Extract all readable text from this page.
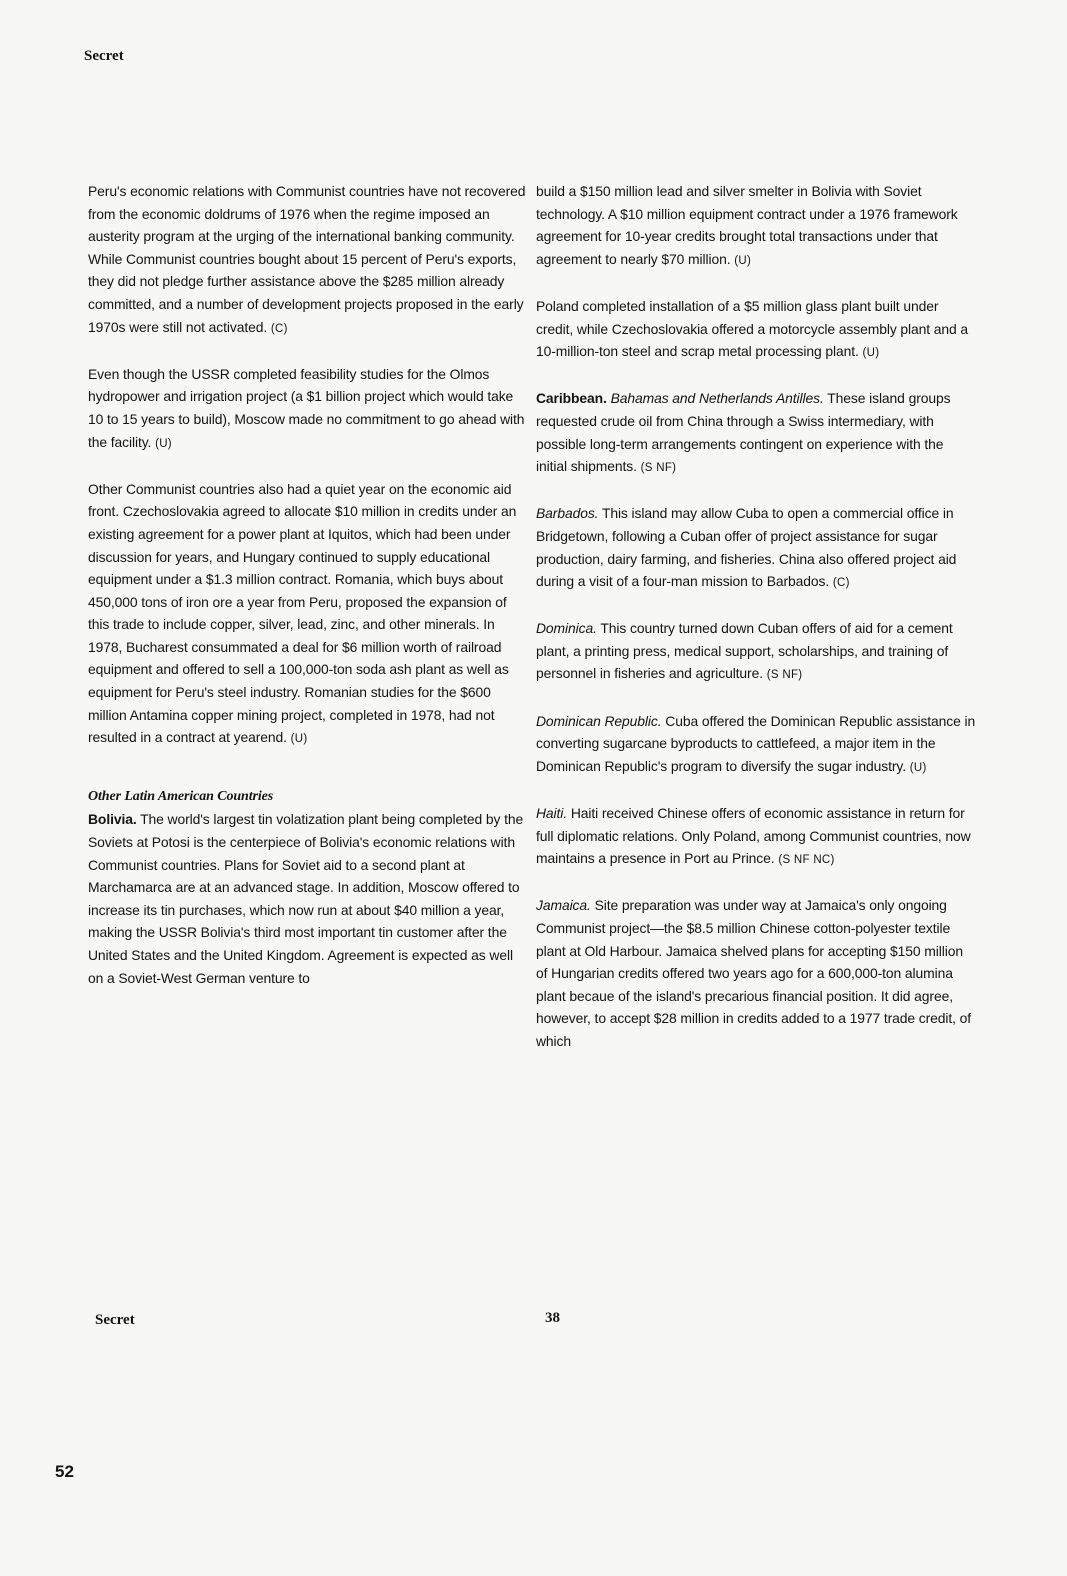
Secret

Peru's economic relations with Communist countries have not recovered from the economic doldrums of 1976 when the regime imposed an austerity program at the urging of the international banking community. While Communist countries bought about 15 percent of Peru's exports, they did not pledge further assistance above the $285 million already committed, and a number of development projects proposed in the early 1970s were still not activated. (C)

Even though the USSR completed feasibility studies for the Olmos hydropower and irrigation project (a $1 billion project which would take 10 to 15 years to build), Moscow made no commitment to go ahead with the facility. (U)

Other Communist countries also had a quiet year on the economic aid front. Czechoslovakia agreed to allocate $10 million in credits under an existing agreement for a power plant at Iquitos, which had been under discussion for years, and Hungary continued to supply educational equipment under a $1.3 million contract. Romania, which buys about 450,000 tons of iron ore a year from Peru, proposed the expansion of this trade to include copper, silver, lead, zinc, and other minerals. In 1978, Bucharest consummated a deal for $6 million worth of railroad equipment and offered to sell a 100,000-ton soda ash plant as well as equipment for Peru's steel industry. Romanian studies for the $600 million Antamina copper mining project, completed in 1978, had not resulted in a contract at yearend. (U)

Other Latin American Countries

Bolivia. The world's largest tin volatization plant being completed by the Soviets at Potosi is the centerpiece of Bolivia's economic relations with Communist countries. Plans for Soviet aid to a second plant at Marchamarca are at an advanced stage. In addition, Moscow offered to increase its tin purchases, which now run at about $40 million a year, making the USSR Bolivia's third most important tin customer after the United States and the United Kingdom. Agreement is expected as well on a Soviet-West German venture to

build a $150 million lead and silver smelter in Bolivia with Soviet technology. A $10 million equipment contract under a 1976 framework agreement for 10-year credits brought total transactions under that agreement to nearly $70 million. (U)

Poland completed installation of a $5 million glass plant built under credit, while Czechoslovakia offered a motorcycle assembly plant and a 10-million-ton steel and scrap metal processing plant. (U)

Caribbean. Bahamas and Netherlands Antilles. These island groups requested crude oil from China through a Swiss intermediary, with possible long-term arrangements contingent on experience with the initial shipments. (S NF)

Barbados. This island may allow Cuba to open a commercial office in Bridgetown, following a Cuban offer of project assistance for sugar production, dairy farming, and fisheries. China also offered project aid during a visit of a four-man mission to Barbados. (C)

Dominica. This country turned down Cuban offers of aid for a cement plant, a printing press, medical support, scholarships, and training of personnel in fisheries and agriculture. (S NF)

Dominican Republic. Cuba offered the Dominican Republic assistance in converting sugarcane byproducts to cattlefeed, a major item in the Dominican Republic's program to diversify the sugar industry. (U)

Haiti. Haiti received Chinese offers of economic assistance in return for full diplomatic relations. Only Poland, among Communist countries, now maintains a presence in Port au Prince. (S NF NC)

Jamaica. Site preparation was under way at Jamaica's only ongoing Communist project—the $8.5 million Chinese cotton-polyester textile plant at Old Harbour. Jamaica shelved plans for accepting $150 million of Hungarian credits offered two years ago for a 600,000-ton alumina plant becaue of the island's precarious financial position. It did agree, however, to accept $28 million in credits added to a 1977 trade credit, of which

Secret	38
52
